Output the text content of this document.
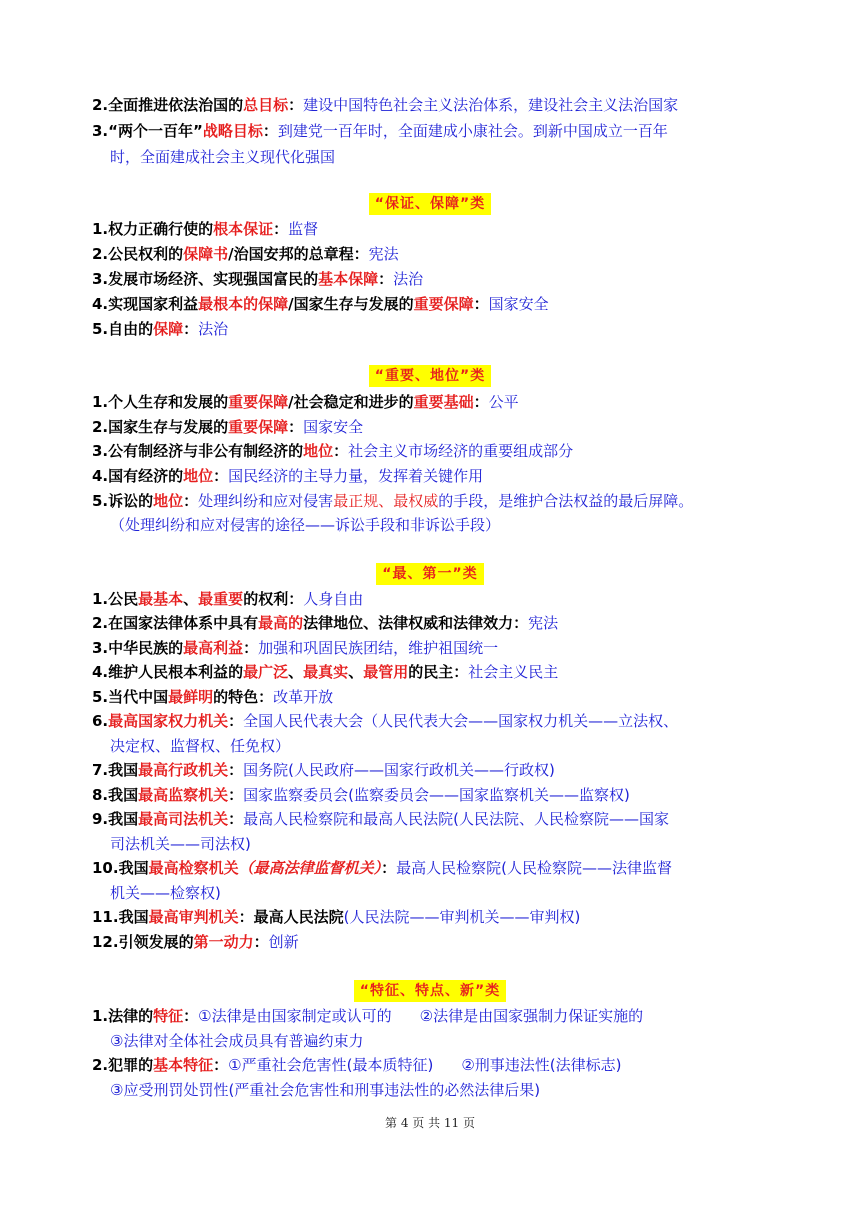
2.全面推进依法治国的总目标：建设中国特色社会主义法治体系，建设社会主义法治国家
3.“两个一百年”战略目标：到建党一百年时，全面建成小康社会。到新中国成立一百年
时，全面建成社会主义现代化强国
“保证、保障”类
1.权力正确行使的根本保证：监督
2.公民权利的保障书/治国安邦的总章程：宪法
3.发展市场经济、实现强国富民的基本保障：法治
4.实现国家利益最根本的保障/国家生存与发展的重要保障：国家安全
5.自由的保障：法治
“重要、地位”类
1.个人生存和发展的重要保障/社会稳定和进步的重要基础：公平
2.国家生存与发展的重要保障：国家安全
3.公有制经济与非公有制经济的地位：社会主义市场经济的重要组成部分
4.国有经济的地位：国民经济的主导力量，发挥着关键作用
5.诉讼的地位：处理纠纷和应对侵害最正规、最权威的手段，是维护合法权益的最后屏障。
（处理纠纷和应对侵害的途径——诉讼手段和非诉讼手段）
“最、第一”类
1.公民最基本、最重要的权利：人身自由
2.在国家法律体系中具有最高的法律地位、法律权威和法律效力：宪法
3.中华民族的最高利益：加强和巩固民族团结，维护祖国统一
4.维护人民根本利益的最广泛、最真实、最管用的民主：社会主义民主
5.当代中国最鲜明的特色：改革开放
6.最高国家权力机关：全国人民代表大会（人民代表大会——国家权力机关——立法权、
决定权、监督权、任免权）
7.我国最高行政机关：国务院(人民政府——国家行政机关——行政权)
8.我国最高监察机关：国家监察委员会(监察委员会——国家监察机关——监察权)
9.我国最高司法机关：最高人民检察院和最高人民法院(人民法院、人民检察院——国家
司法机关——司法权)
10.我国最高检察机关（最高法律监督机关）：最高人民检察院(人民检察院——法律监督
机关——检察权)
11.我国最高审判机关：最高人民法院(人民法院——审判机关——审判权)
12.引领发展的第一动力：创新
“特征、特点、新”类
1.法律的特征：①法律是由国家制定或认可的 ②法律是由国家强制力保证实施的
③法律对全体社会成员具有普遍约束力
2.犯罪的基本特征：①严重社会危害性(最本质特征) ②刑事违法性(法律标志)
③应受刑罚处罚性(严重社会危害性和刑事违法性的必然法律后果)
第 4 页 共 11 页
